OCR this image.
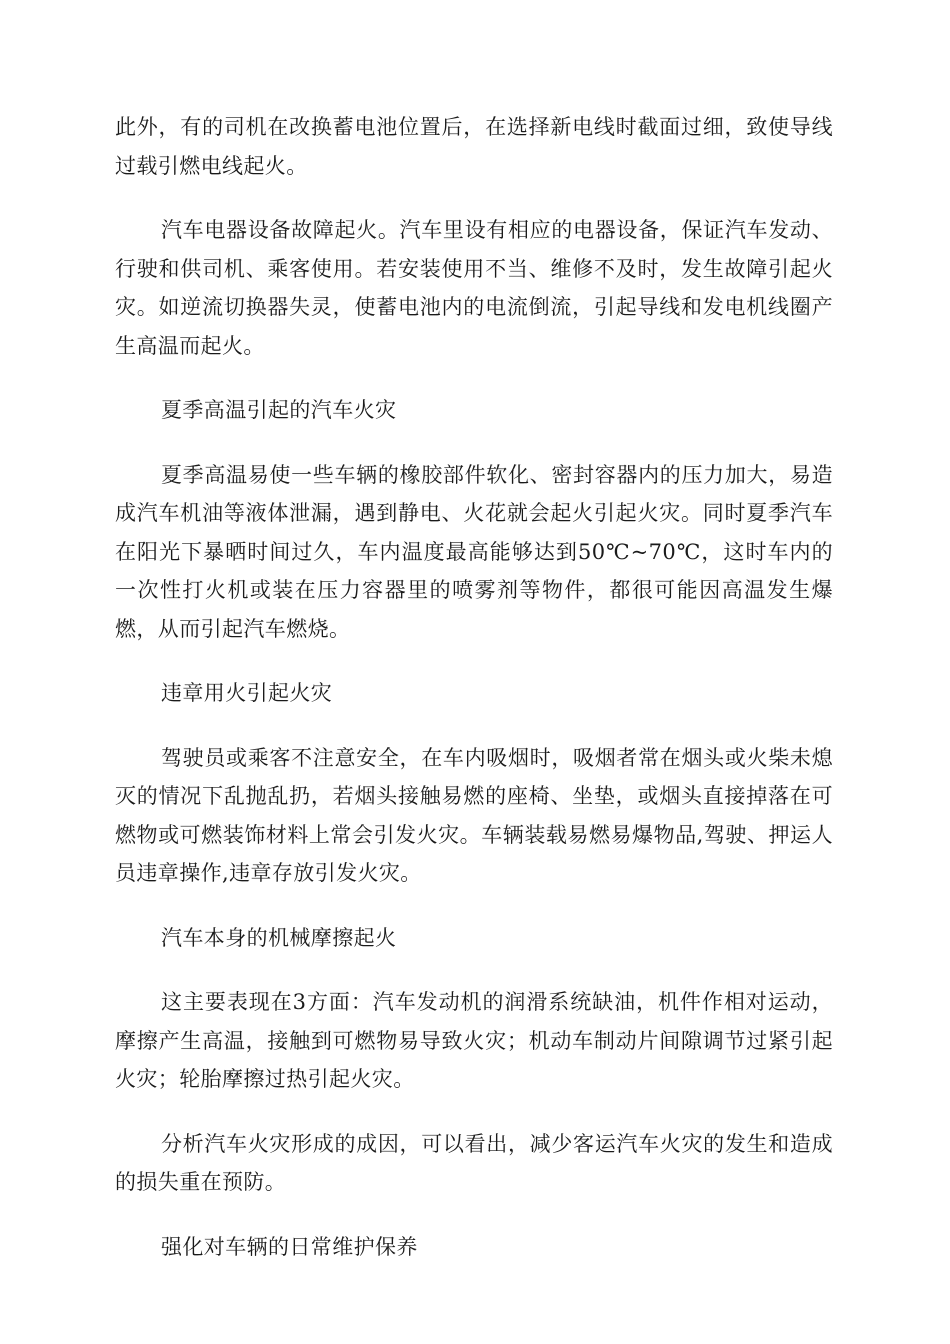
此外，有的司机在改换蓄电池位置后，在选择新电线时截面过细，致使导线过载引燃电线起火。

汽车电器设备故障起火。汽车里设有相应的电器设备，保证汽车发动、行驶和供司机、乘客使用。若安装使用不当、维修不及时，发生故障引起火灾。如逆流切换器失灵，使蓄电池内的电流倒流，引起导线和发电机线圈产生高温而起火。

夏季高温引起的汽车火灾

夏季高温易使一些车辆的橡胶部件软化、密封容器内的压力加大，易造成汽车机油等液体泄漏，遇到静电、火花就会起火引起火灾。同时夏季汽车在阳光下暴晒时间过久，车内温度最高能够达到50℃~70℃，这时车内的一次性打火机或装在压力容器里的喷雾剂等物件，都很可能因高温发生爆燃，从而引起汽车燃烧。

违章用火引起火灾

驾驶员或乘客不注意安全，在车内吸烟时，吸烟者常在烟头或火柴未熄灭的情况下乱抛乱扔，若烟头接触易燃的座椅、坐垫，或烟头直接掉落在可燃物或可燃装饰材料上常会引发火灾。车辆装载易燃易爆物品,驾驶、押运人员违章操作,违章存放引发火灾。

汽车本身的机械摩擦起火

这主要表现在3方面：汽车发动机的润滑系统缺油，机件作相对运动，摩擦产生高温，接触到可燃物易导致火灾；机动车制动片间隙调节过紧引起火灾；轮胎摩擦过热引起火灾。

分析汽车火灾形成的成因，可以看出，减少客运汽车火灾的发生和造成的损失重在预防。

强化对车辆的日常维护保养
